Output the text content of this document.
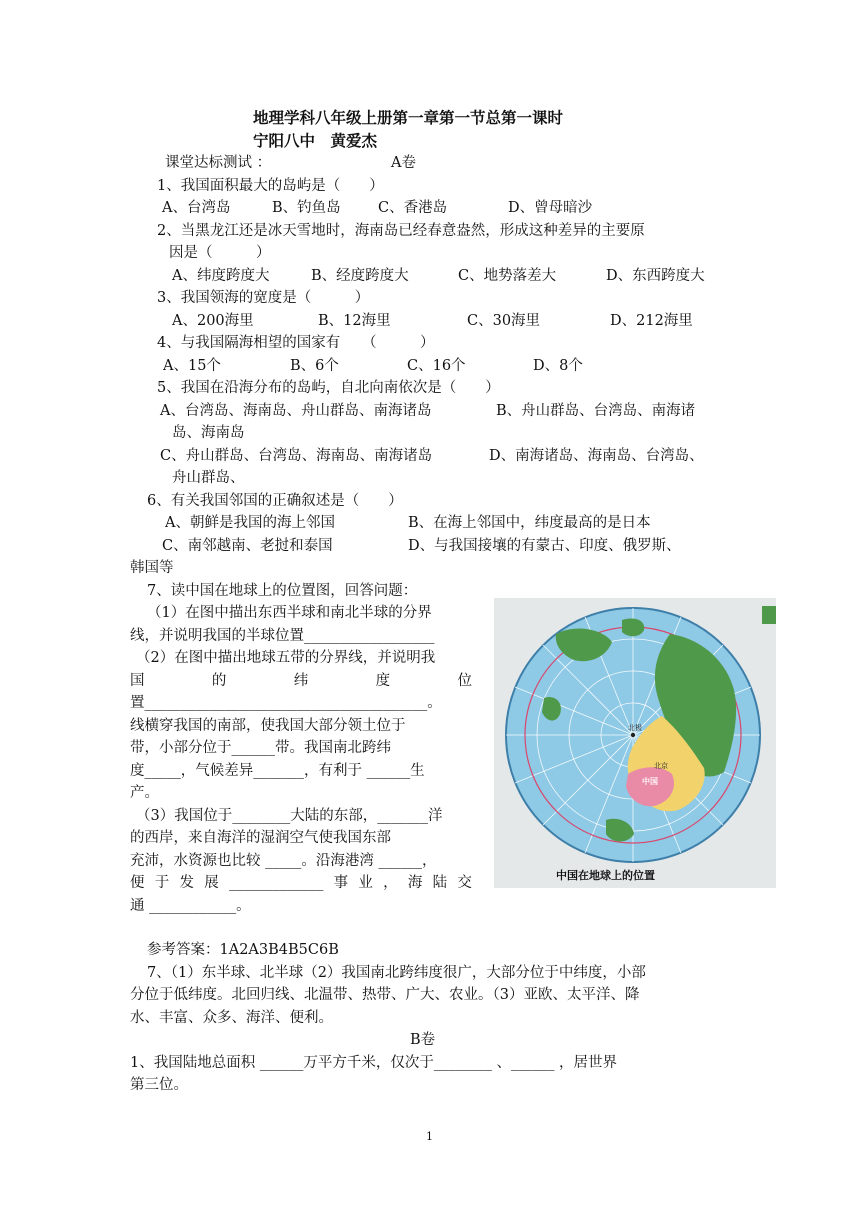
地理学科八年级上册第一章第一节总第一课时
宁阳八中　黄爱杰
课堂达标测试 ：	A卷
1、我国面积最大的岛屿是（　　）
A、台湾岛	B、钓鱼岛	C、香港岛	D、曾母暗沙
2、当黑龙江还是冰天雪地时，海南岛已经春意盎然，形成这种差异的主要原
因是（　　　）
A、纬度跨度大	B、经度跨度大	C、地势落差大	D、东西跨度大
3、我国领海的宽度是（　　　）
A、200海里	B、12海里	C、30海里	D、212海里
4、与我国隔海相望的国家有　　（　　　）
A、15个	B、6个	C、16个	D、8个
5、我国在沿海分布的岛屿，自北向南依次是（　　）
A、台湾岛、海南岛、舟山群岛、南海诸岛	B、舟山群岛、台湾岛、南海诸
岛、海南岛
C、舟山群岛、台湾岛、海南岛、南海诸岛	D、南海诸岛、海南岛、台湾岛、
舟山群岛、
6、有关我国邻国的正确叙述是（　　）
A、朝鲜是我国的海上邻国	B、在海上邻国中，纬度最高的是日本
C、南邻越南、老挝和泰国	D、与我国接壤的有蒙古、印度、俄罗斯、
韩国等
7、读中国在地球上的位置图，回答问题：
（1）在图中描出东西半球和南北半球的分界
线，并说明我国的半球位置__________________
（2）在图中描出地球五带的分界线，并说明我
国	的	纬	度	位
置_______________________________________。
线横穿我国的南部，使我国大部分领土位于
带，小部分位于______带。我国南北跨纬
度_____，气候差异_______，有利于 ______生
产。
（3）我国位于________大陆的东部，_______洋
的西岸，来自海洋的湿润空气使我国东部
充沛，水资源也比较 _____。沿海港湾 ______，
便 于 发 展 _____________ 事 业 ， 海 陆 交
通 ____________。
北极
中国
北京
中国在地球上的位置
参考答案：1A2A3B4B5C6B
7、（1）东半球、北半球（2）我国南北跨纬度很广，大部分位于中纬度，小部
分位于低纬度。北回归线、北温带、热带、广大、农业。（3）亚欧、太平洋、降
水、丰富、众多、海洋、便利。
B卷
1、我国陆地总面积 ______万平方千米，仅次于________ 、______ ，居世界
第三位。
1
